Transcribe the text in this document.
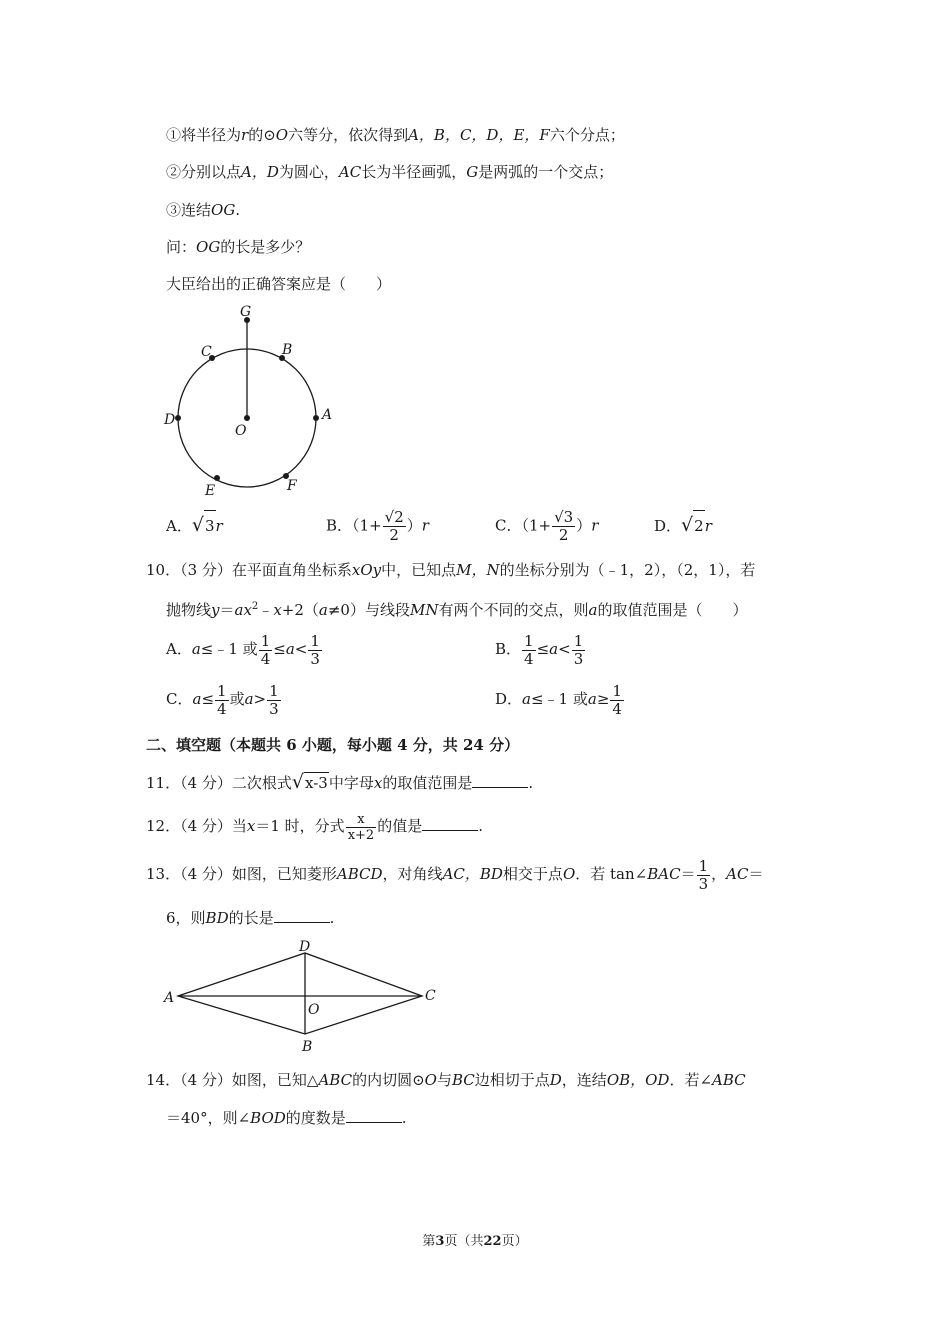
①将半径为r的⊙O六等分，依次得到A，B，C，D，E，F六个分点；
②分别以点A，D为圆心，AC长为半径画弧，G是两弧的一个交点；
③连结OG.
问：OG的长是多少？
大臣给出的正确答案应是（　　）
G
C	B
D
O
A
E	F
A．√3r	B．$(1+ \frac{√2}{2} )r$	C．$(1+ \frac{√3}{2} )r$	D．√2r
10．（3 分）在平面直角坐标系xOy中，已知点M，N的坐标分别为（﹣1，2），（2，1），若
抛物线$y=ax^2﹣x+2(a\ne 0)$与线段MN有两个不同的交点，则a的取值范围是（　　）
A．a≤﹣1 或 $\frac{1}{4} \le a< \frac{1}{3}$	B． $\frac{1}{4} \le a< \frac{1}{3}$
C．$a\le \frac{1}{4}$ 或$a> \frac{1}{3}$	D．a≤﹣1 或$a\ge \frac{1}{4}$
二、填空题（本题共 6 小题，每小题 4 分，共 24 分）
11．（4 分）二次根式√x-3中字母x的取值范围是	.
12．（4 分）当x＝1 时，分式 $\frac{x}{x+2}$ 的值是	.
13．（4 分）如图，已知菱形ABCD，对角线AC，BD相交于点O．若 tan∠BAC＝ $\frac{1}{3}$ ，AC＝
6，则BD的长是	.
D
A
O
C
B
14．（4 分）如图，已知△ABC的内切圆⊙O与BC边相切于点D，连结OB，OD．若∠ABC
＝40°，则∠BOD的度数是	.
第3页（共22页）
